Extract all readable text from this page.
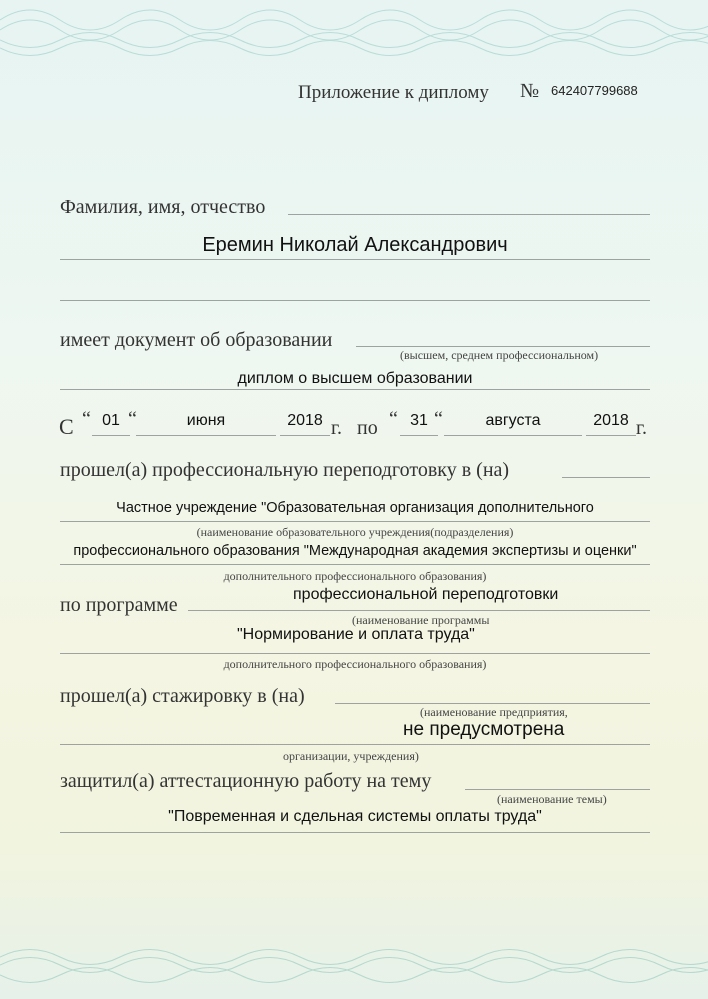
Приложение к диплому № 642407799688
Фамилия, имя, отчество
Еремин Николай Александрович
имеет документ об образовании
(высшем, среднем профессиональном)
диплом о высшем образовании
С “ 01 “	июня	2018 г. по “ 31 “	августа	2018 г.
прошел(а) профессиональную переподготовку в (на)
Частное учреждение "Образовательная организация дополнительного
(наименование образовательного учреждения(подразделения)
профессионального образования "Международная академия экспертизы и оценки"
дополнительного профессионального образования)
по программе	профессиональной переподготовки
(наименование программы
"Нормирование и оплата труда"
дополнительного профессионального образования)
прошел(а) стажировку в (на)
(наименование предприятия,
не предусмотрена
организации, учреждения)
защитил(а) аттестационную работу на тему
(наименование темы)
"Повременная и сдельная системы оплаты труда"
